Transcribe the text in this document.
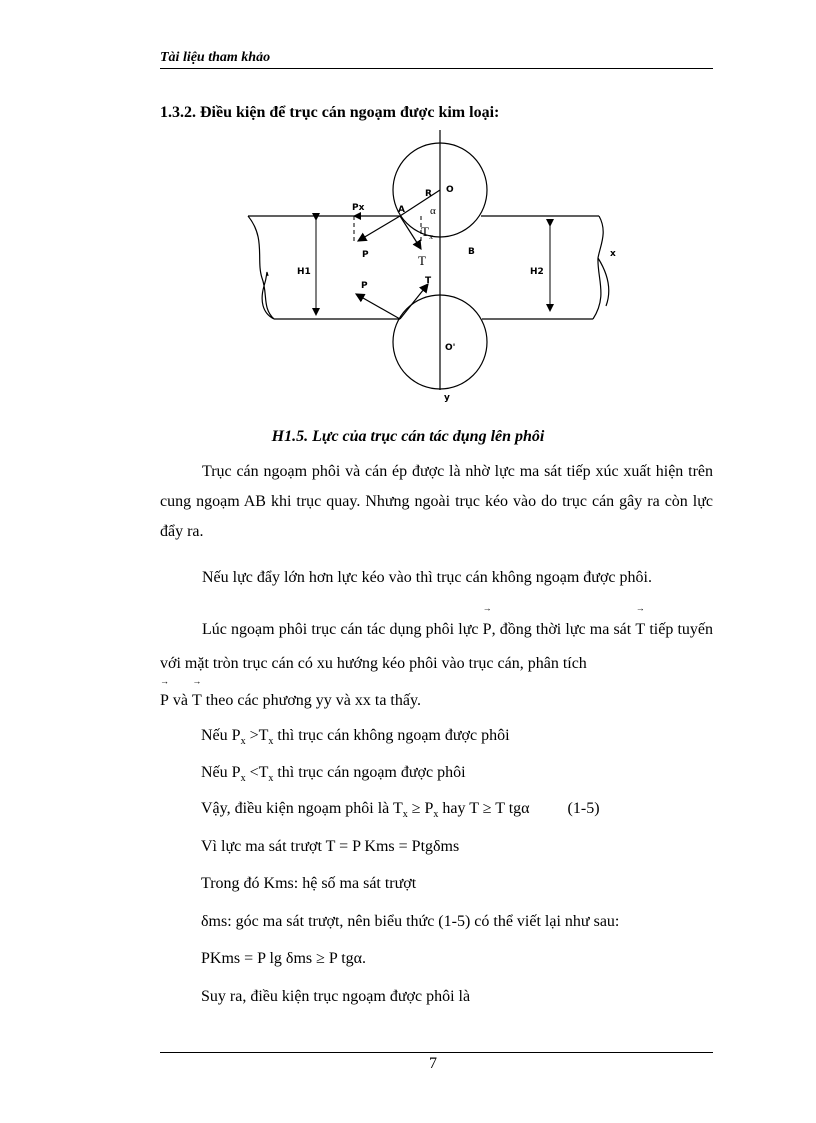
Tài liệu tham khảo
1.3.2. Điều kiện để trục cán ngoạm được kim loại:
O
R
Px	A α
$T_x$
P	T
B	x
H1	H2
P	T
O'
y
H1.5. Lực của trục cán tác dụng lên phôi

Trục cán ngoạm phôi và cán ép được là nhờ lực ma sát tiếp xúc xuất hiện trên cung ngoạm AB khi trục quay. Nhưng ngoài trục kéo vào do trục cán gây ra còn lực đẩy ra.

Nếu lực đẩy lớn hơn lực kéo vào thì trục cán không ngoạm được phôi.

Lúc ngoạm phôi trục cán tác dụng phôi lực
→
P, đồng thời lực ma sát
→
T tiếp tuyến với mặt tròn trục cán có xu hướng kéo phôi vào trục cán, phân tích

→
P và
→
T theo các phương yy và xx ta thấy.
Nếu $P_x >T_x$ thì trục cán không ngoạm được phôi
Nếu $P_x <T_x$ thì trục cán ngoạm được phôi
Vậy, điều kiện ngoạm phôi là $T_x \ge P_x$ hay T ≥ T tgα (1-5)
Vì lực ma sát trượt T = P Kms = Ptgδms
Trong đó Kms: hệ số ma sát trượt
δms: góc ma sát trượt, nên biểu thức (1-5) có thể viết lại như sau:
PKms = P lg δms ≥ P tgα.
Suy ra, điều kiện trục ngoạm được phôi là
7
